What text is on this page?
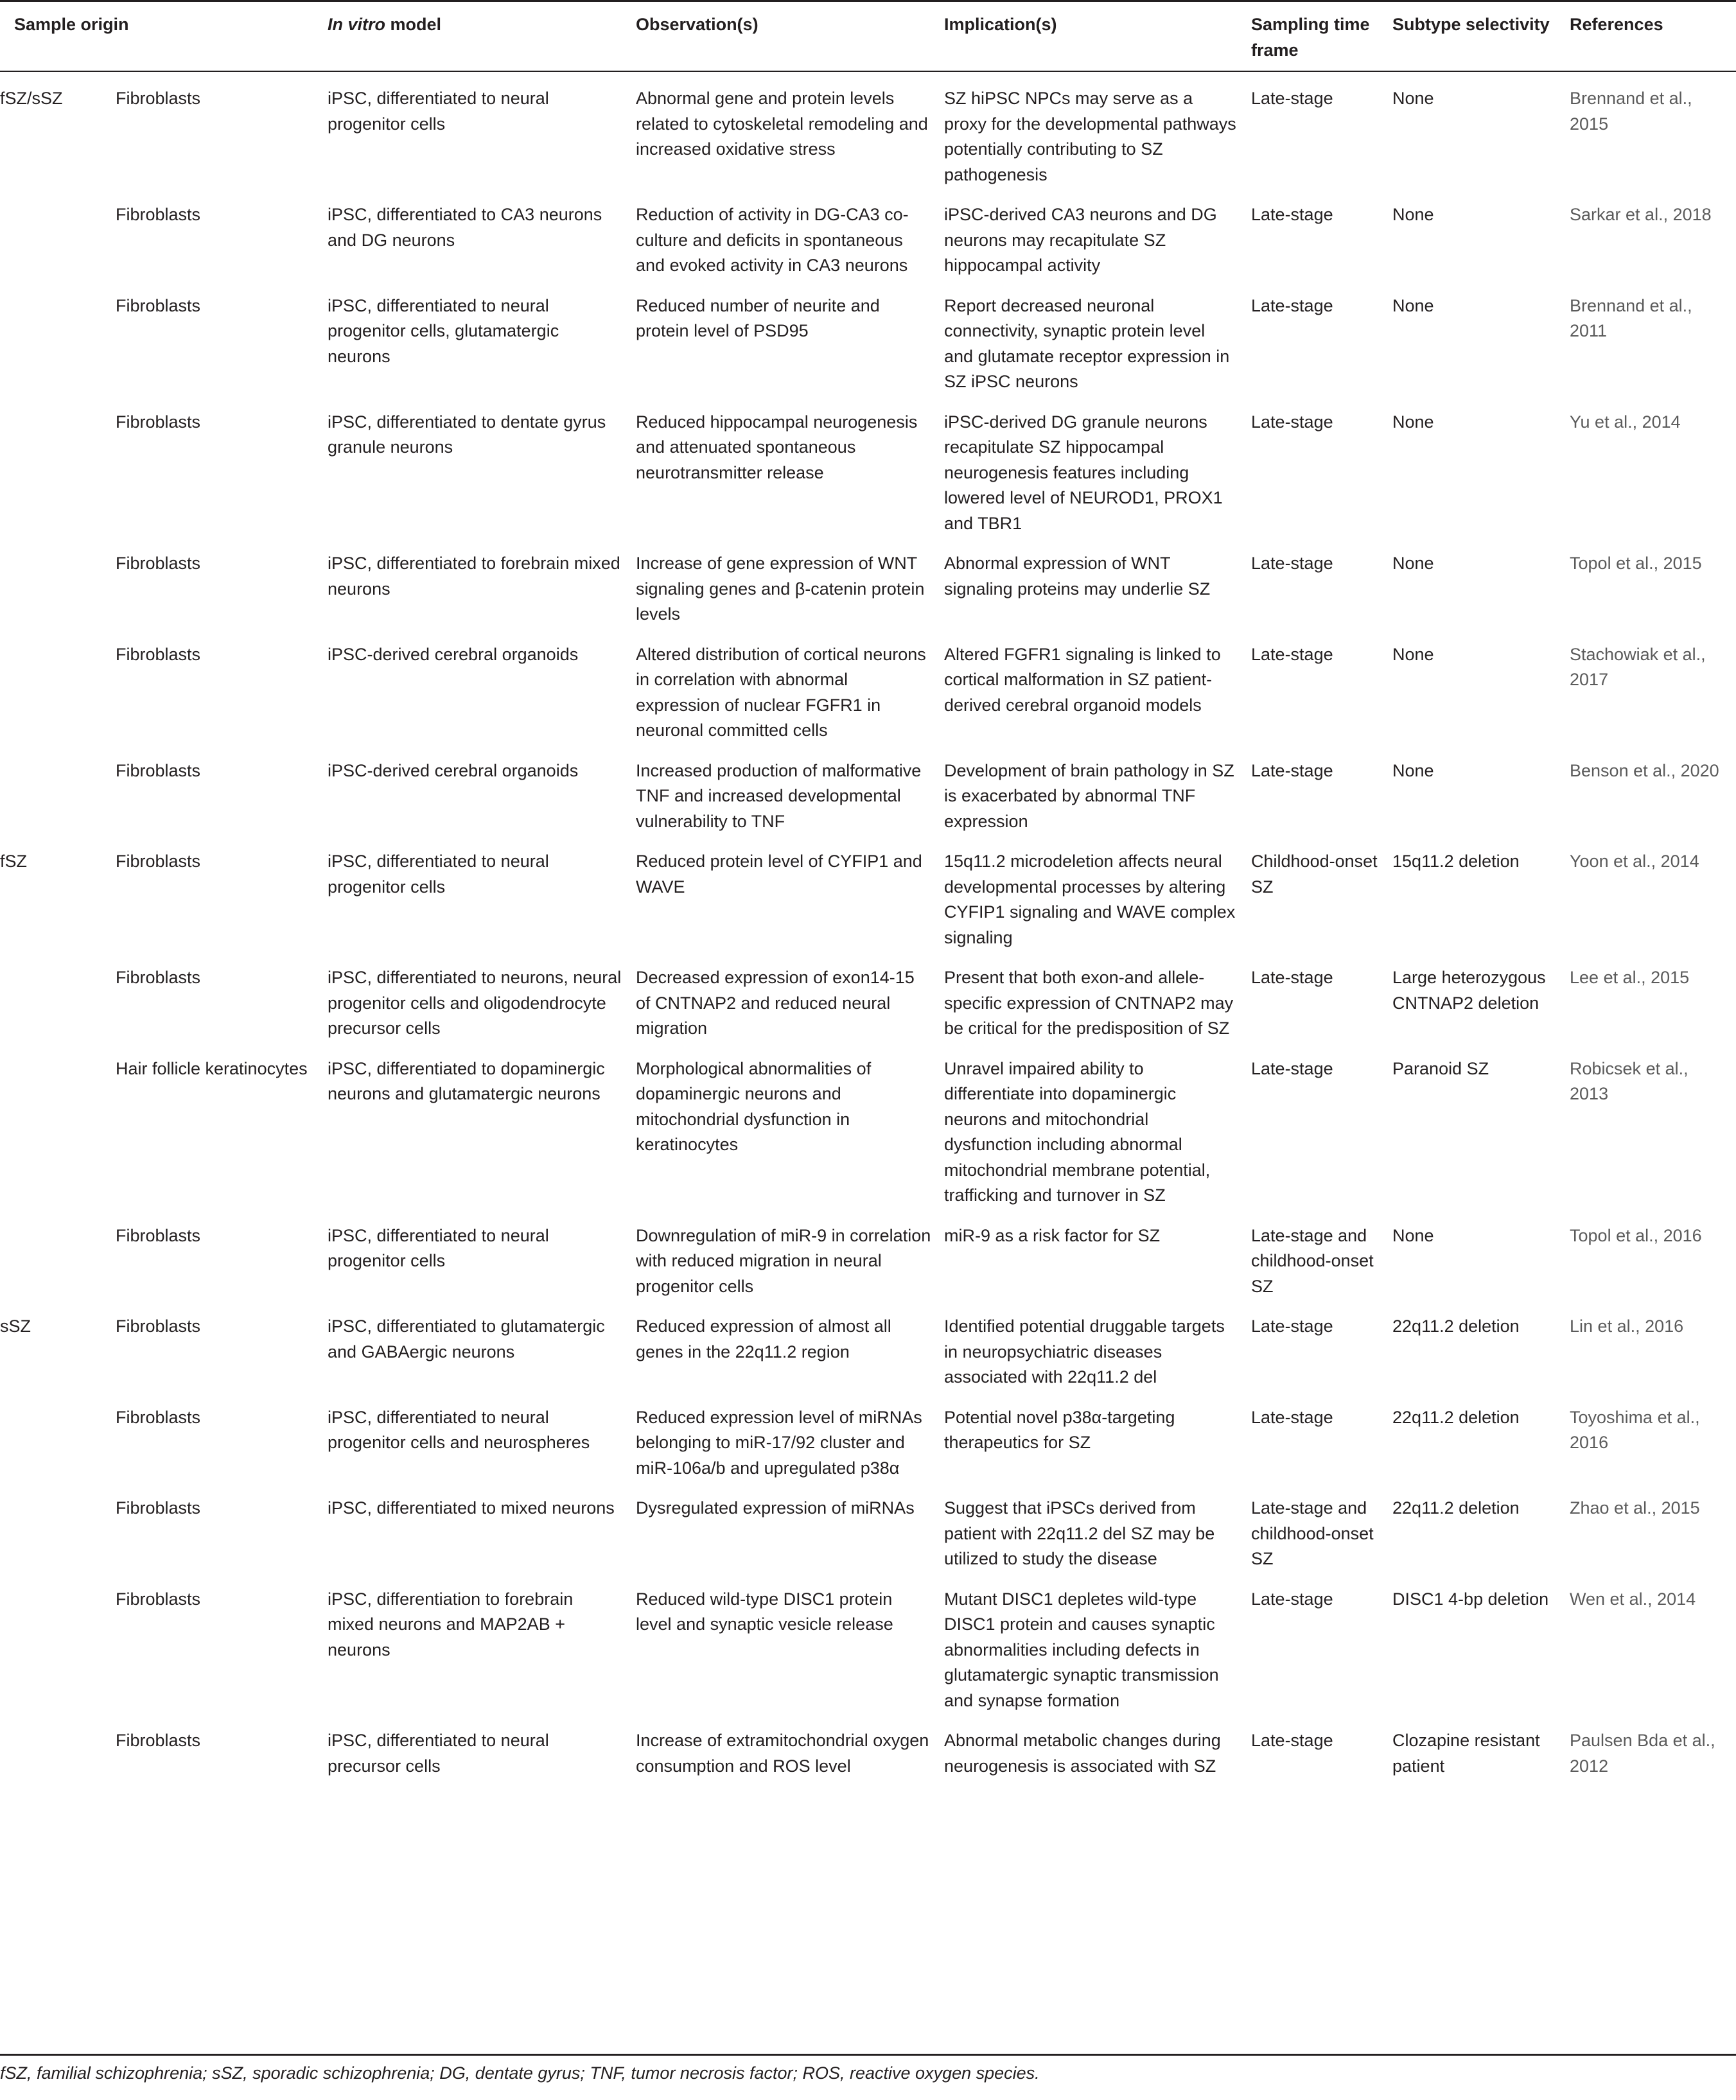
Sample origin		In vitro model	Observation(s)	Implication(s)	Sampling time frame	Subtype selectivity	References
fSZ/sSZ	Fibroblasts	iPSC, differentiated to neural progenitor cells	Abnormal gene and protein levels related to cytoskeletal remodeling and increased oxidative stress	SZ hiPSC NPCs may serve as a proxy for the developmental pathways potentially contributing to SZ pathogenesis	Late-stage	None	Brennand et al., 2015
	Fibroblasts	iPSC, differentiated to CA3 neurons and DG neurons	Reduction of activity in DG-CA3 co-culture and deficits in spontaneous and evoked activity in CA3 neurons	iPSC-derived CA3 neurons and DG neurons may recapitulate SZ hippocampal activity	Late-stage	None	Sarkar et al., 2018
	Fibroblasts	iPSC, differentiated to neural progenitor cells, glutamatergic neurons	Reduced number of neurite and protein level of PSD95	Report decreased neuronal connectivity, synaptic protein level and glutamate receptor expression in SZ iPSC neurons	Late-stage	None	Brennand et al., 2011
	Fibroblasts	iPSC, differentiated to dentate gyrus granule neurons	Reduced hippocampal neurogenesis and attenuated spontaneous neurotransmitter release	iPSC-derived DG granule neurons recapitulate SZ hippocampal neurogenesis features including lowered level of NEUROD1, PROX1 and TBR1	Late-stage	None	Yu et al., 2014
	Fibroblasts	iPSC, differentiated to forebrain mixed neurons	Increase of gene expression of WNT signaling genes and β-catenin protein levels	Abnormal expression of WNT signaling proteins may underlie SZ	Late-stage	None	Topol et al., 2015
	Fibroblasts	iPSC-derived cerebral organoids	Altered distribution of cortical neurons in correlation with abnormal expression of nuclear FGFR1 in neuronal committed cells	Altered FGFR1 signaling is linked to cortical malformation in SZ patient-derived cerebral organoid models	Late-stage	None	Stachowiak et al., 2017
	Fibroblasts	iPSC-derived cerebral organoids	Increased production of malformative TNF and increased developmental vulnerability to TNF	Development of brain pathology in SZ is exacerbated by abnormal TNF expression	Late-stage	None	Benson et al., 2020
fSZ	Fibroblasts	iPSC, differentiated to neural progenitor cells	Reduced protein level of CYFIP1 and WAVE	15q11.2 microdeletion affects neural developmental processes by altering CYFIP1 signaling and WAVE complex signaling	Childhood-onset SZ	15q11.2 deletion	Yoon et al., 2014
	Fibroblasts	iPSC, differentiated to neurons, neural progenitor cells and oligodendrocyte precursor cells	Decreased expression of exon14-15 of CNTNAP2 and reduced neural migration	Present that both exon-and allele-specific expression of CNTNAP2 may be critical for the predisposition of SZ	Late-stage	Large heterozygous CNTNAP2 deletion	Lee et al., 2015
	Hair follicle keratinocytes	iPSC, differentiated to dopaminergic neurons and glutamatergic neurons	Morphological abnormalities of dopaminergic neurons and mitochondrial dysfunction in keratinocytes	Unravel impaired ability to differentiate into dopaminergic neurons and mitochondrial dysfunction including abnormal mitochondrial membrane potential, trafficking and turnover in SZ	Late-stage	Paranoid SZ	Robicsek et al., 2013
	Fibroblasts	iPSC, differentiated to neural progenitor cells	Downregulation of miR-9 in correlation with reduced migration in neural progenitor cells	miR-9 as a risk factor for SZ	Late-stage and childhood-onset SZ	None	Topol et al., 2016
sSZ	Fibroblasts	iPSC, differentiated to glutamatergic and GABAergic neurons	Reduced expression of almost all genes in the 22q11.2 region	Identified potential druggable targets in neuropsychiatric diseases associated with 22q11.2 del	Late-stage	22q11.2 deletion	Lin et al., 2016
	Fibroblasts	iPSC, differentiated to neural progenitor cells and neurospheres	Reduced expression level of miRNAs belonging to miR-17/92 cluster and miR-106a/b and upregulated p38α	Potential novel p38α-targeting therapeutics for SZ	Late-stage	22q11.2 deletion	Toyoshima et al., 2016
	Fibroblasts	iPSC, differentiated to mixed neurons	Dysregulated expression of miRNAs	Suggest that iPSCs derived from patient with 22q11.2 del SZ may be utilized to study the disease	Late-stage and childhood-onset SZ	22q11.2 deletion	Zhao et al., 2015
	Fibroblasts	iPSC, differentiation to forebrain mixed neurons and MAP2AB + neurons	Reduced wild-type DISC1 protein level and synaptic vesicle release	Mutant DISC1 depletes wild-type DISC1 protein and causes synaptic abnormalities including defects in glutamatergic synaptic transmission and synapse formation	Late-stage	DISC1 4-bp deletion	Wen et al., 2014
	Fibroblasts	iPSC, differentiated to neural precursor cells	Increase of extramitochondrial oxygen consumption and ROS level	Abnormal metabolic changes during neurogenesis is associated with SZ	Late-stage	Clozapine resistant patient	Paulsen Bda et al., 2012
fSZ, familial schizophrenia; sSZ, sporadic schizophrenia; DG, dentate gyrus; TNF, tumor necrosis factor; ROS, reactive oxygen species.
